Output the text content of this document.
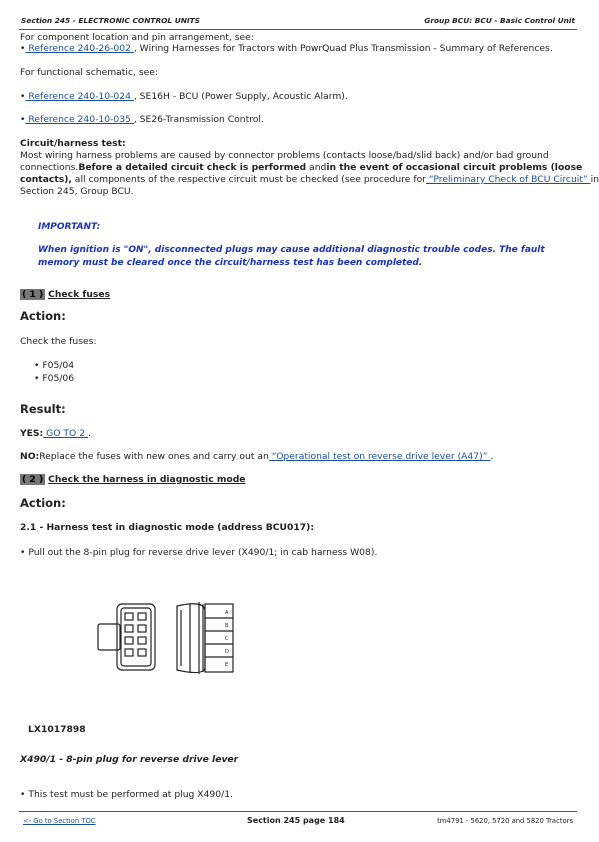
Section 245 - ELECTRONIC CONTROL UNITS	Group BCU: BCU - Basic Control Unit
For component location and pin arrangement, see:
• Reference 240-26-002 , Wiring Harnesses for Tractors with PowrQuad Plus Transmission - Summary of References.
For functional schematic, see:
• Reference 240-10-024 , SE16H - BCU (Power Supply, Acoustic Alarm).
• Reference 240-10-035 , SE26-Transmission Control.
Circuit/harness test:
Most wiring harness problems are caused by connector problems (contacts loose/bad/slid back) and/or bad ground
connections.Before a detailed circuit check is performed andin the event of occasional circuit problems (loose
contacts), all components of the respective circuit must be checked (see procedure for “Preliminary Check of BCU Circuit” in
Section 245, Group BCU.
IMPORTANT:
When ignition is "ON", disconnected plugs may cause additional diagnostic trouble codes. The fault
memory must be cleared once the circuit/harness test has been completed.
( 1 ) Check fuses
Action:
Check the fuses:
• F05/04
• F05/06
Result:
YES: GO TO 2 .
NO:Replace the fuses with new ones and carry out an “Operational test on reverse drive lever (A47)” .
( 2 ) Check the harness in diagnostic mode
Action:
2.1 - Harness test in diagnostic mode (address BCU017):
• Pull out the 8-pin plug for reverse drive lever (X490/1; in cab harness W08).
A
B
C
D
E
LX1017898
X490/1 - 8-pin plug for reverse drive lever
• This test must be performed at plug X490/1.
<- Go to Section TOC	Section 245 page 184	tm4791 - 5620, 5720 and 5820 Tractors
